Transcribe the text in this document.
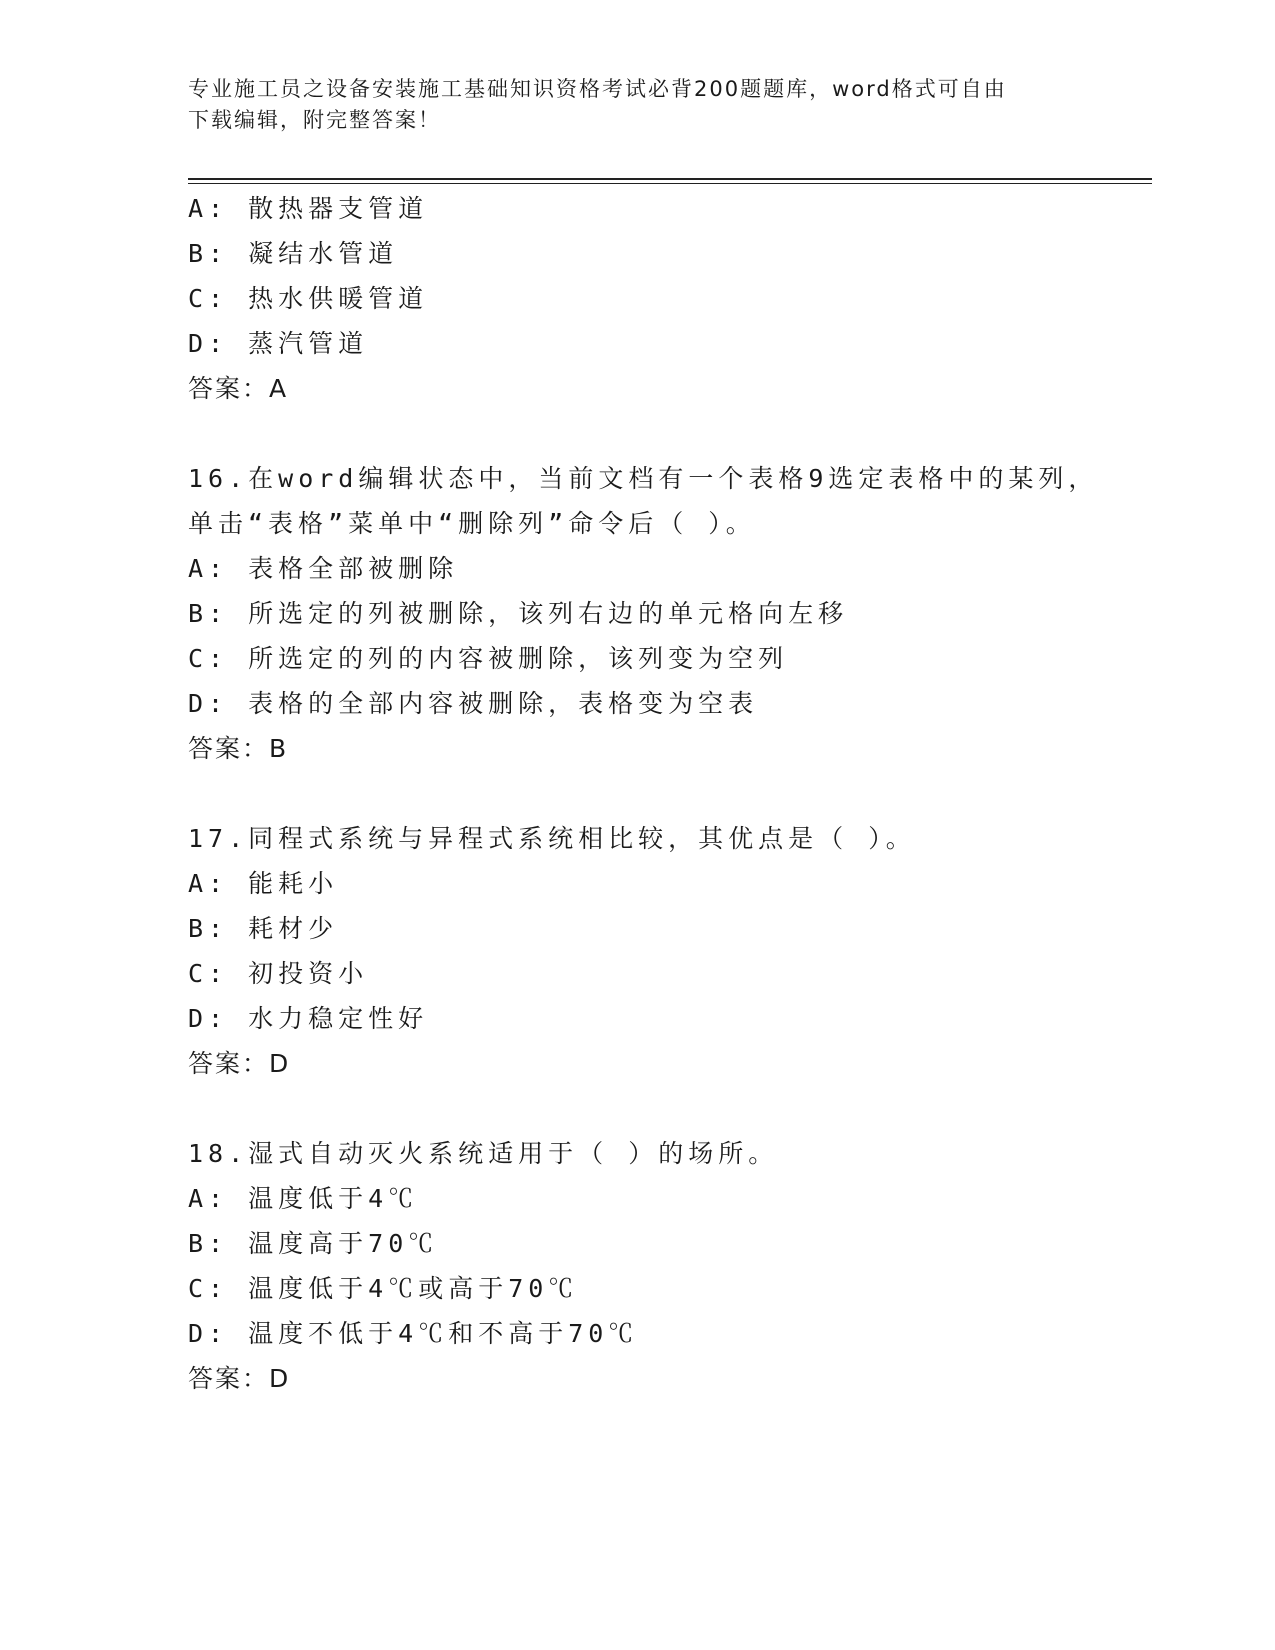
专业施工员之设备安装施工基础知识资格考试必背200题题库，word格式可自由
下载编辑，附完整答案！
A: 散热器支管道
B: 凝结水管道
C: 热水供暖管道
D: 蒸汽管道
答案：A
16.在word编辑状态中，当前文档有一个表格9选定表格中的某列，
单击“表格”菜单中“删除列”命令后（ ）。
A: 表格全部被删除
B: 所选定的列被删除，该列右边的单元格向左移
C: 所选定的列的内容被删除，该列变为空列
D: 表格的全部内容被删除，表格变为空表
答案：B
17.同程式系统与异程式系统相比较，其优点是（ ）。
A: 能耗小
B: 耗材少
C: 初投资小
D: 水力稳定性好
答案：D
18.湿式自动灭火系统适用于（ ）的场所。
A: 温度低于4℃
B: 温度高于70℃
C: 温度低于4℃或高于70℃
D: 温度不低于4℃和不高于70℃
答案：D
